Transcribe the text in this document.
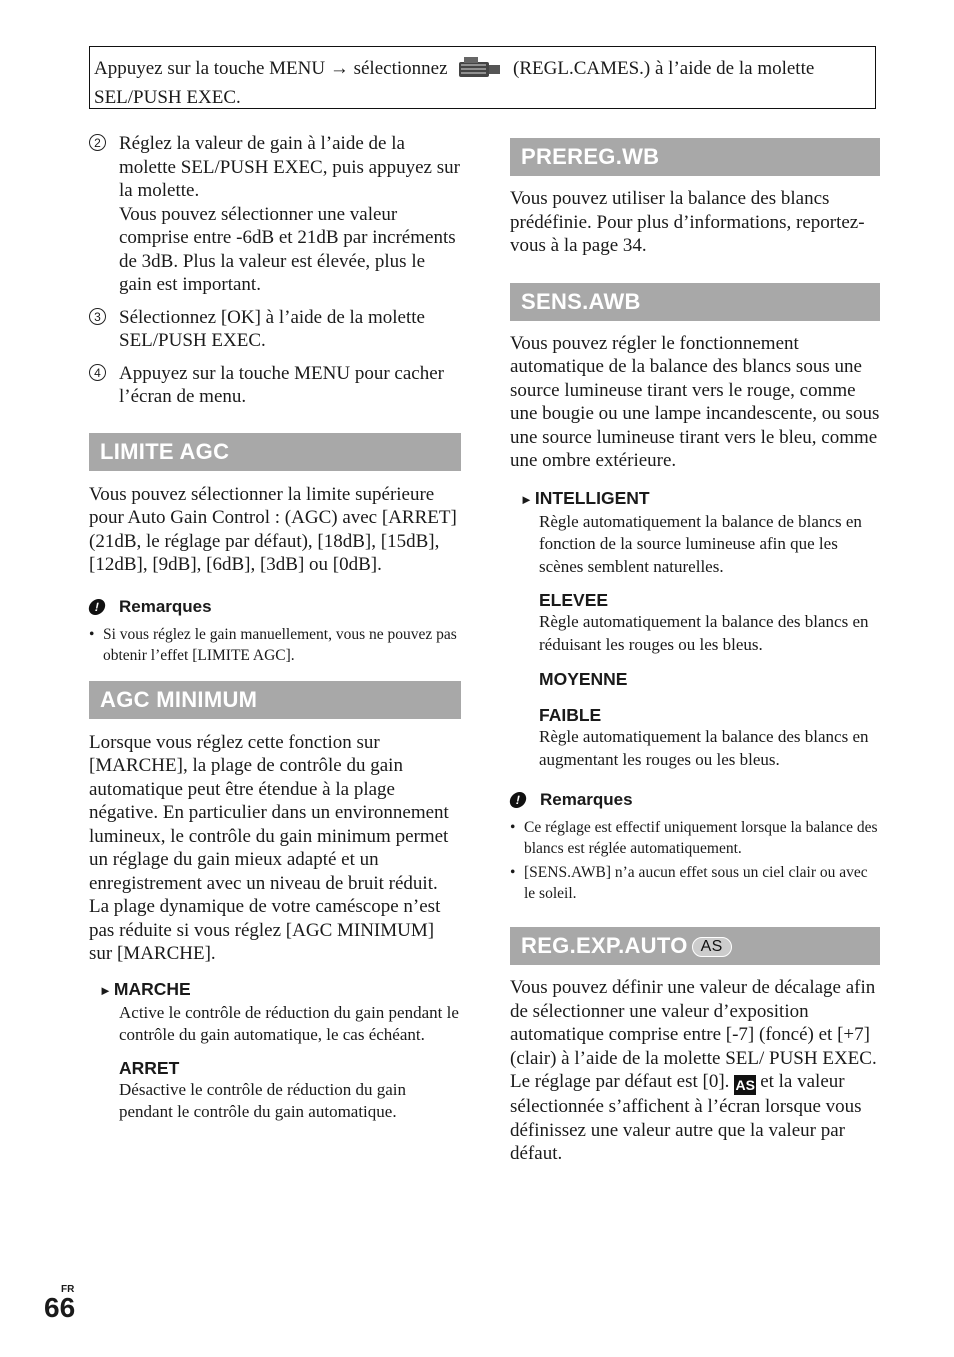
Appuyez sur la touche MENU → sélectionnez	(REGL.CAMES.) à l’aide de la molette SEL/PUSH EXEC.
2 Réglez la valeur de gain à l’aide de la molette SEL/PUSH EXEC, puis appuyez sur la molette.
Vous pouvez sélectionner une valeur comprise entre -6dB et 21dB par incréments de 3dB. Plus la valeur est élevée, plus le gain est important.
3 Sélectionnez [OK] à l’aide de la molette SEL/PUSH EXEC.
4 Appuyez sur la touche MENU pour cacher l’écran de menu.
LIMITE AGC
Vous pouvez sélectionner la limite supérieure pour Auto Gain Control : (AGC) avec [ARRET] (21dB, le réglage par défaut), [18dB], [15dB], [12dB], [9dB], [6dB], [3dB] ou [0dB].
!	Remarques
• Si vous réglez le gain manuellement, vous ne pouvez pas obtenir l’effet [LIMITE AGC].
AGC MINIMUM
Lorsque vous réglez cette fonction sur [MARCHE], la plage de contrôle du gain automatique peut être étendue à la plage négative. En particulier dans un environnement lumineux, le contrôle du gain minimum permet un réglage du gain mieux adapté et un enregistrement avec un niveau de bruit réduit. La plage dynamique de votre caméscope n’est pas réduite si vous réglez [AGC MINIMUM] sur [MARCHE].
► MARCHE
Active le contrôle de réduction du gain pendant le contrôle du gain automatique, le cas échéant.
ARRET
Désactive le contrôle de réduction du gain pendant le contrôle du gain automatique.
PREREG.WB
Vous pouvez utiliser la balance des blancs prédéfinie. Pour plus d’informations, reportez-vous à la page 34.
SENS.AWB
Vous pouvez régler le fonctionnement automatique de la balance des blancs sous une source lumineuse tirant vers le rouge, comme une bougie ou une lampe incandescente, ou sous une source lumineuse tirant vers le bleu, comme une ombre extérieure.
► INTELLIGENT
Règle automatiquement la balance de blancs en fonction de la source lumineuse afin que les scènes semblent naturelles.
ELEVEE
Règle automatiquement la balance des blancs en réduisant les rouges ou les bleus.
MOYENNE
FAIBLE
Règle automatiquement la balance des blancs en augmentant les rouges ou les bleus.
!	Remarques
• Ce réglage est effectif uniquement lorsque la balance des blancs est réglée automatiquement.
• [SENS.AWB] n’a aucun effet sous un ciel clair ou avec le soleil.
REG.EXP.AUTO AS
Vous pouvez définir une valeur de décalage afin de sélectionner une valeur d’exposition automatique comprise entre [-7] (foncé) et [+7] (clair) à l’aide de la molette SEL/ PUSH EXEC. Le réglage par défaut est [0]. AS et la valeur sélectionnée s’affichent à l’écran lorsque vous définissez une valeur autre que la valeur par défaut.
FR
66
